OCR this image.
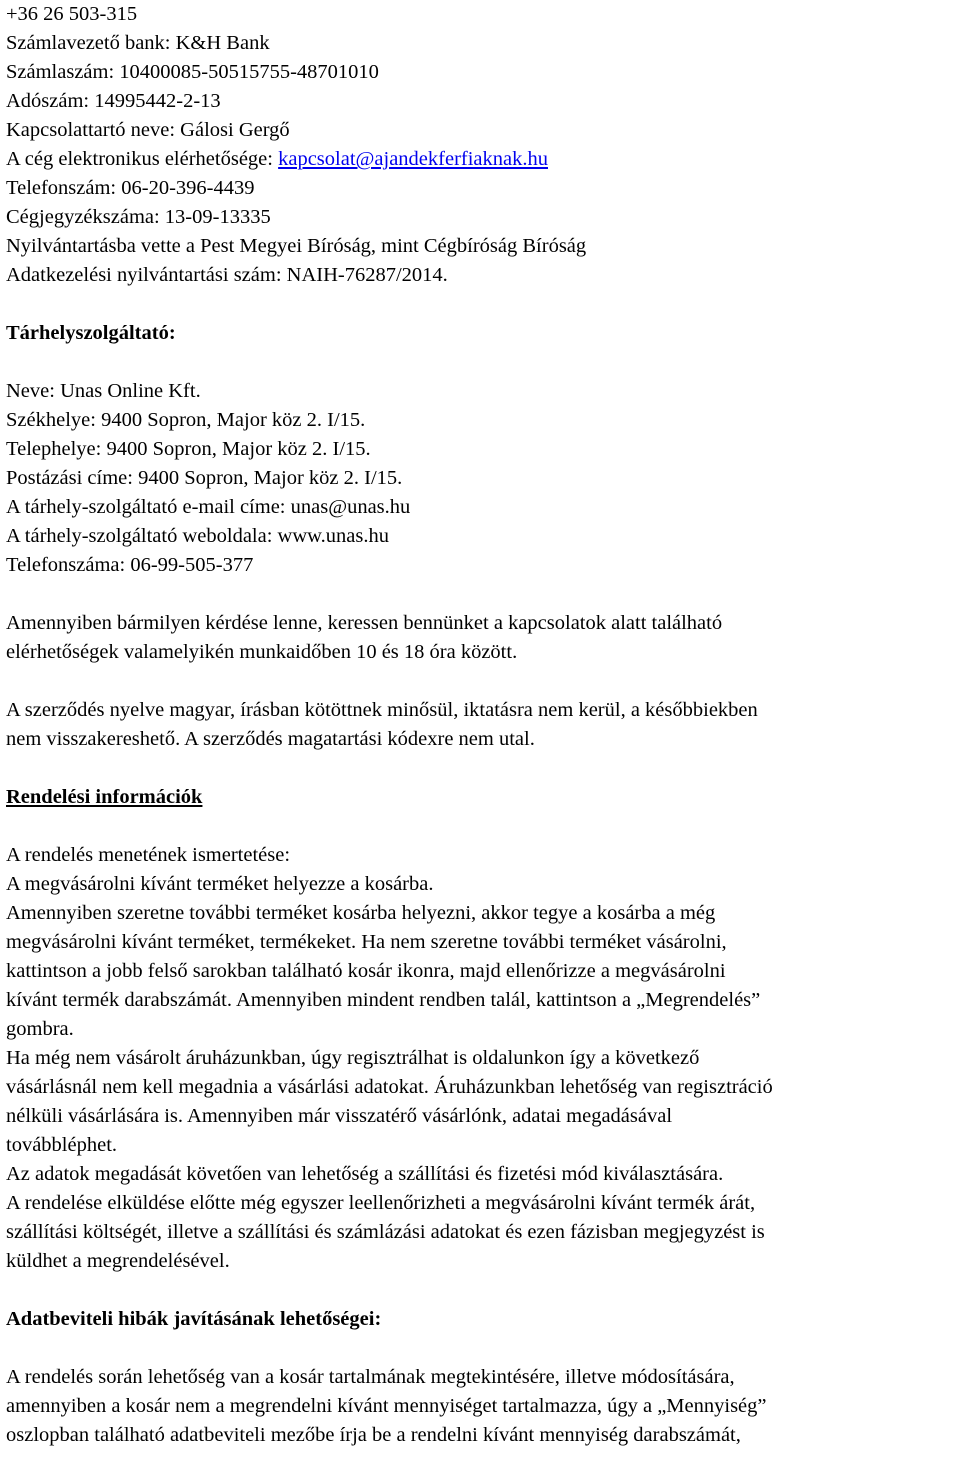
+36 26 503-315
Számlavezető bank: K&H Bank
Számlaszám: 10400085-50515755-48701010
Adószám: 14995442-2-13
Kapcsolattartó neve: Gálosi Gergő
A cég elektronikus elérhetősége: kapcsolat@ajandekferfiaknak.hu
Telefonszám: 06-20-396-4439
Cégjegyzékszáma: 13-09-13335
Nyilvántartásba vette a Pest Megyei Bíróság, mint Cégbíróság Bíróság
Adatkezelési nyilvántartási szám: NAIH-76287/2014.
Tárhelyszolgáltató:
Neve: Unas Online Kft.
Székhelye: 9400 Sopron, Major köz 2. I/15.
Telephelye: 9400 Sopron, Major köz 2. I/15.
Postázási címe: 9400 Sopron, Major köz 2. I/15.
A tárhely-szolgáltató e-mail címe: unas@unas.hu
A tárhely-szolgáltató weboldala: www.unas.hu
Telefonszáma: 06-99-505-377
Amennyiben bármilyen kérdése lenne, keressen bennünket a kapcsolatok alatt található
elérhetőségek valamelyikén munkaidőben 10 és 18 óra között.
A szerződés nyelve magyar, írásban kötöttnek minősül, iktatásra nem kerül, a későbbiekben
nem visszakereshető. A szerződés magatartási kódexre nem utal.
Rendelési információk
A rendelés menetének ismertetése:
A megvásárolni kívánt terméket helyezze a kosárba.
Amennyiben szeretne további terméket kosárba helyezni, akkor tegye a kosárba a még
megvásárolni kívánt terméket, termékeket. Ha nem szeretne további terméket vásárolni,
kattintson a jobb felső sarokban található kosár ikonra, majd ellenőrizze a megvásárolni
kívánt termék darabszámát. Amennyiben mindent rendben talál, kattintson a „Megrendelés”
gombra.
Ha még nem vásárolt áruházunkban, úgy regisztrálhat is oldalunkon így a következő
vásárlásnál nem kell megadnia a vásárlási adatokat. Áruházunkban lehetőség van regisztráció
nélküli vásárlására is. Amennyiben már visszatérő vásárlónk, adatai megadásával
továbbléphet.
Az adatok megadását követően van lehetőség a szállítási és fizetési mód kiválasztására.
A rendelése elküldése előtte még egyszer leellenőrizheti a megvásárolni kívánt termék árát,
szállítási költségét, illetve a szállítási és számlázási adatokat és ezen fázisban megjegyzést is
küldhet a megrendelésével.
Adatbeviteli hibák javításának lehetőségei:
A rendelés során lehetőség van a kosár tartalmának megtekintésére, illetve módosítására,
amennyiben a kosár nem a megrendelni kívánt mennyiséget tartalmazza, úgy a „Mennyiség”
oszlopban található adatbeviteli mezőbe írja be a rendelni kívánt mennyiség darabszámát,
